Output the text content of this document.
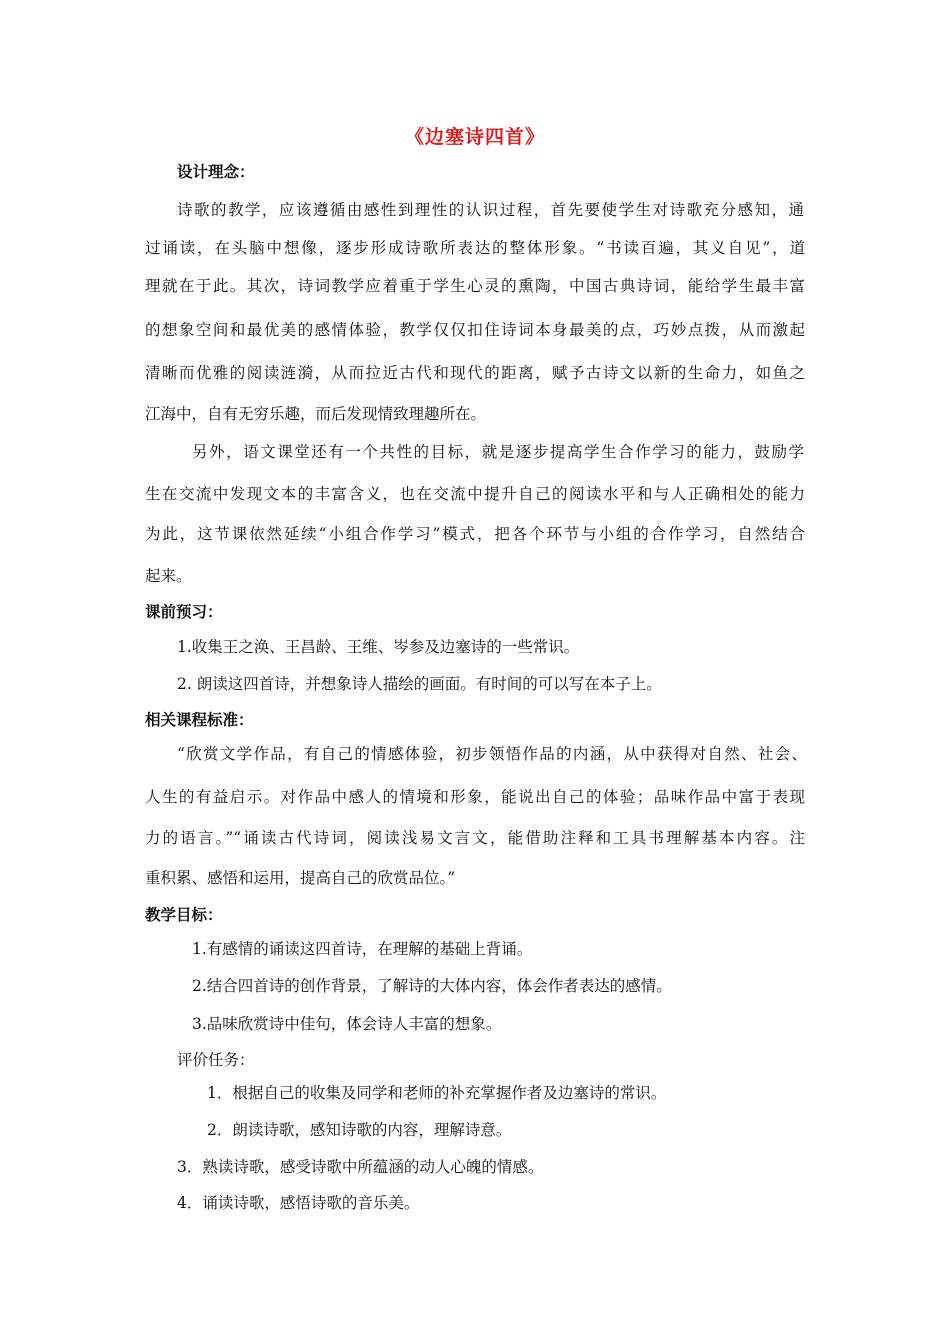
《边塞诗四首》
设计理念：
诗歌的教学，应该遵循由感性到理性的认识过程，首先要使学生对诗歌充分感知，通
过诵读，在头脑中想像，逐步形成诗歌所表达的整体形象。“书读百遍，其义自见”，道
理就在于此。其次，诗词教学应着重于学生心灵的熏陶，中国古典诗词，能给学生最丰富
的想象空间和最优美的感情体验，教学仅仅扣住诗词本身最美的点，巧妙点拨，从而激起
清晰而优雅的阅读涟漪，从而拉近古代和现代的距离，赋予古诗文以新的生命力，如鱼之
江海中，自有无穷乐趣，而后发现情致理趣所在。
另外，语文课堂还有一个共性的目标，就是逐步提高学生合作学习的能力，鼓励学
生在交流中发现文本的丰富含义，也在交流中提升自己的阅读水平和与人正确相处的能力
为此，这节课依然延续“小组合作学习”模式，把各个环节与小组的合作学习，自然结合
起来。
课前预习：
1.收集王之涣、王昌龄、王维、岑参及边塞诗的一些常识。
2. 朗读这四首诗，并想象诗人描绘的画面。有时间的可以写在本子上。
相关课程标准：
“欣赏文学作品，有自己的情感体验，初步领悟作品的内涵，从中获得对自然、社会、
人生的有益启示。对作品中感人的情境和形象，能说出自己的体验；品味作品中富于表现
力的语言。”“诵读古代诗词，阅读浅易文言文，能借助注释和工具书理解基本内容。注
重积累、感悟和运用，提高自己的欣赏品位。”
教学目标：
1.有感情的诵读这四首诗，在理解的基础上背诵。
2.结合四首诗的创作背景，了解诗的大体内容，体会作者表达的感情。
3.品味欣赏诗中佳句，体会诗人丰富的想象。
评价任务：
1．根据自己的收集及同学和老师的补充掌握作者及边塞诗的常识。
2．朗读诗歌，感知诗歌的内容，理解诗意。
3．熟读诗歌，感受诗歌中所蕴涵的动人心魄的情感。
4．诵读诗歌，感悟诗歌的音乐美。
